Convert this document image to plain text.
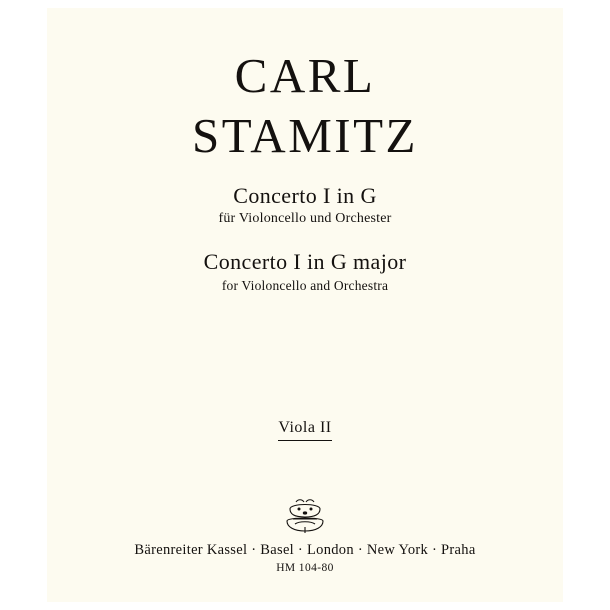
CARL
STAMITZ
Concerto I in G
für Violoncello und Orchester
Concerto I in G major
for Violoncello and Orchestra
Viola II
Bärenreiter Kassel · Basel · London · New York · Praha
HM 104-80
